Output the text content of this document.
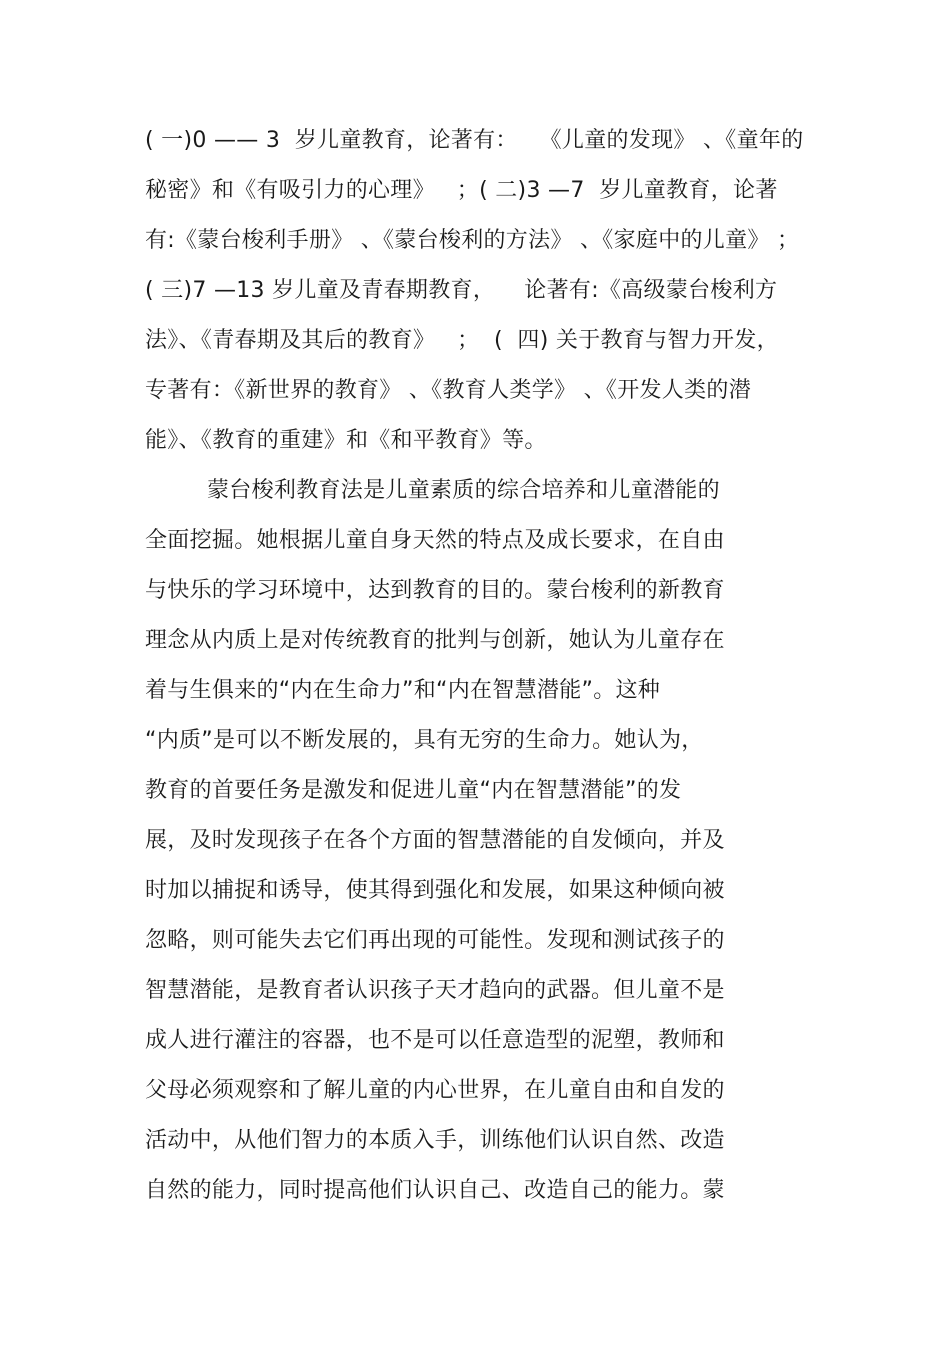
( 一)0 —— 3  岁儿童教育，论著有：   《儿童的发现》 、《童年的
秘密》和《有吸引力的心理》   ；( 二)3 —7  岁儿童教育，论著
有:《蒙台梭利手册》 、《蒙台梭利的方法》 、《家庭中的儿童》 ；
( 三)7 —13 岁儿童及青春期教育，    论著有:《高级蒙台梭利方
法》、《青春期及其后的教育》   ；  (  四) 关于教育与智力开发，
专著有：《新世界的教育》 、《教育人类学》 、《开发人类的潜
能》、《教育的重建》和《和平教育》等。
蒙台梭利教育法是儿童素质的综合培养和儿童潜能的
全面挖掘。她根据儿童自身天然的特点及成长要求，在自由
与快乐的学习环境中，达到教育的目的。蒙台梭利的新教育
理念从内质上是对传统教育的批判与创新，她认为儿童存在
着与生俱来的“内在生命力”和“内在智慧潜能”。这种
“内质”是可以不断发展的，具有无穷的生命力。她认为，
教育的首要任务是激发和促进儿童“内在智慧潜能”的发
展，及时发现孩子在各个方面的智慧潜能的自发倾向，并及
时加以捕捉和诱导，使其得到强化和发展，如果这种倾向被
忽略，则可能失去它们再出现的可能性。发现和测试孩子的
智慧潜能，是教育者认识孩子天才趋向的武器。但儿童不是
成人进行灌注的容器，也不是可以任意造型的泥塑，教师和
父母必须观察和了解儿童的内心世界，在儿童自由和自发的
活动中，从他们智力的本质入手，训练他们认识自然、改造
自然的能力，同时提高他们认识自己、改造自己的能力。蒙
